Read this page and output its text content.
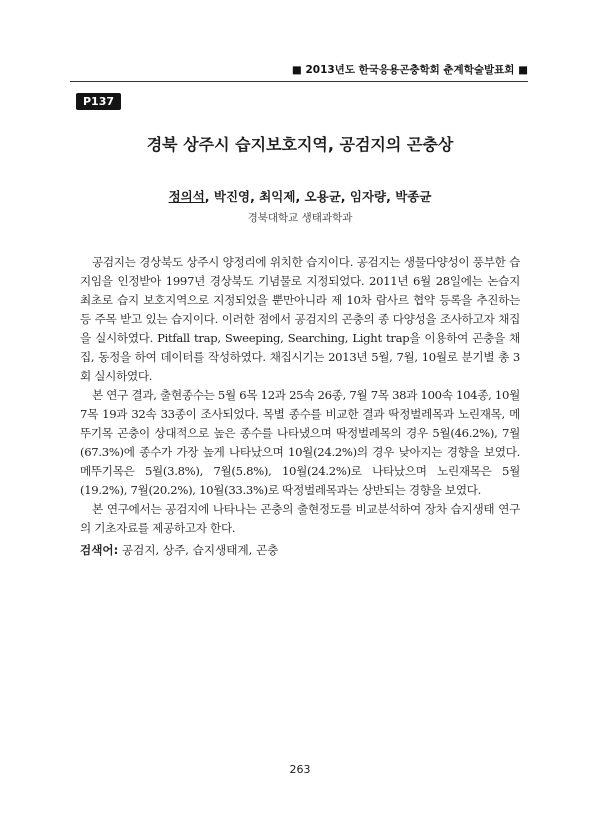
■ 2013년도 한국응용곤충학회 춘계학술발표회 ■
P137
경북 상주시 습지보호지역, 공검지의 곤충상
정의석, 박진영, 최익제, 오용균, 임자량, 박종균
경북대학교 생태과학과

공검지는 경상북도 상주시 양정리에 위치한 습지이다. 공검지는 생물다양성이 풍부한 습지임을 인정받아 1997년 경상북도 기념물로 지정되었다. 2011년 6월 28일에는 논습지 최초로 습지 보호지역으로 지정되었을 뿐만아니라 제 10차 람사르 협약 등록을 추진하는 등 주목 받고 있는 습지이다. 이러한 점에서 공검지의 곤충의 종 다양성을 조사하고자 채집을 실시하였다. Pitfall trap, Sweeping, Searching, Light trap을 이용하여 곤충을 채집, 동정을 하여 데이터를 작성하였다. 채집시기는 2013년 5월, 7월, 10월로 분기별 총 3회 실시하였다.

본 연구 결과, 출현종수는 5월 6목 12과 25속 26종, 7월 7목 38과 100속 104종, 10월 7목 19과 32속 33종이 조사되었다. 목별 종수를 비교한 결과 딱정벌레목과 노린재목, 메뚜기목 곤충이 상대적으로 높은 종수를 나타냈으며 딱정벌레목의 경우 5월(46.2%), 7월(67.3%)에 종수가 가장 높게 나타났으며 10월(24.2%)의 경우 낮아지는 경향을 보였다. 메뚜기목은 5월(3.8%), 7월(5.8%), 10월(24.2%)로 나타났으며 노린재목은 5월(19.2%), 7월(20.2%), 10월(33.3%)로 딱정벌레목과는 상반되는 경향을 보였다.

본 연구에서는 공검지에 나타나는 곤충의 출현정도를 비교분석하여 장차 습지생태 연구의 기초자료를 제공하고자 한다.

검색어: 공검지, 상주, 습지생태계, 곤충
263
